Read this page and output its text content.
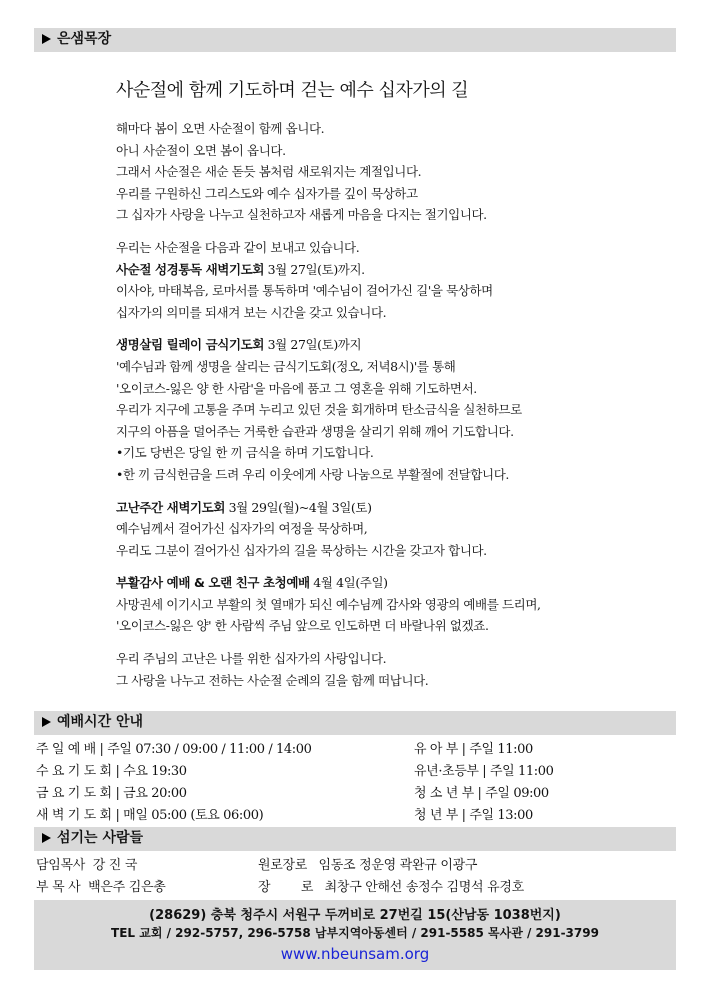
은샘목장
사순절에 함께 기도하며 걷는 예수 십자가의 길
해마다 봄이 오면 사순절이 함께 옵니다.
아니 사순절이 오면 봄이 옵니다.
그래서 사순절은 새순 돋듯 봄처럼 새로워지는 계절입니다.
우리를 구원하신 그리스도와 예수 십자가를 깊이 묵상하고
그 십자가 사랑을 나누고 실천하고자 새롭게 마음을 다지는 절기입니다.
우리는 사순절을 다음과 같이 보내고 있습니다.
사순절 성경통독 새벽기도회 3월 27일(토)까지.
이사야, 마태복음, 로마서를 통독하며 '예수님이 걸어가신 길'을 묵상하며
십자가의 의미를 되새겨 보는 시간을 갖고 있습니다.
생명살림 릴레이 금식기도회 3월 27일(토)까지
'예수님과 함께 생명을 살리는 금식기도회(정오, 저녁8시)'를 통해
'오이코스-잃은 양 한 사람'을 마음에 품고 그 영혼을 위해 기도하면서.
우리가 지구에 고통을 주며 누리고 있던 것을 회개하며 탄소금식을 실천하므로
지구의 아픔을 덜어주는 거룩한 습관과 생명을 살리기 위해 깨어 기도합니다.
•기도 당번은 당일 한 끼 금식을 하며 기도합니다.
•한 끼 금식헌금을 드려 우리 이웃에게 사랑 나눔으로 부활절에 전달합니다.
고난주간 새벽기도회 3월 29일(월)~4월 3일(토)
예수님께서 걸어가신 십자가의 여정을 묵상하며,
우리도 그분이 걸어가신 십자가의 길을 묵상하는 시간을 갖고자 합니다.
부활감사 예배 & 오랜 친구 초청예배 4월 4일(주일)
사망권세 이기시고 부활의 첫 열매가 되신 예수님께 감사와 영광의 예배를 드리며,
'오이코스-잃은 양' 한 사람씩 주님 앞으로 인도하면 더 바랄나위 없겠죠.
우리 주님의 고난은 나를 위한 십자가의 사랑입니다.
그 사랑을 나누고 전하는 사순절 순례의 길을 함께 떠납니다.
예배시간 안내
주 일 예 배 | 주일 07:30 / 09:00 / 11:00 / 14:00
수 요 기 도 회 | 수요 19:30
금 요 기 도 회 | 금요 20:00
새 벽 기 도 회 | 매일 05:00 (토요 06:00)
유 아 부 | 주일 11:00
유년·초등부 | 주일 11:00
청 소 년 부 | 주일 09:00
청 년 부 | 주일 13:00
섬기는 사람들
담임목사  강 진 국	원로장로   임동조 정운영 곽완규 이광구
부 목 사  백은주 김은총	장        로   최창구 안해선 송정수 김명석 유경호
(28629) 충북 청주시 서원구 두꺼비로 27번길 15(산남동 1038번지)
TEL 교회 / 292-5757, 296-5758 남부지역아동센터 / 291-5585 목사관 / 291-3799
www.nbeunsam.org
